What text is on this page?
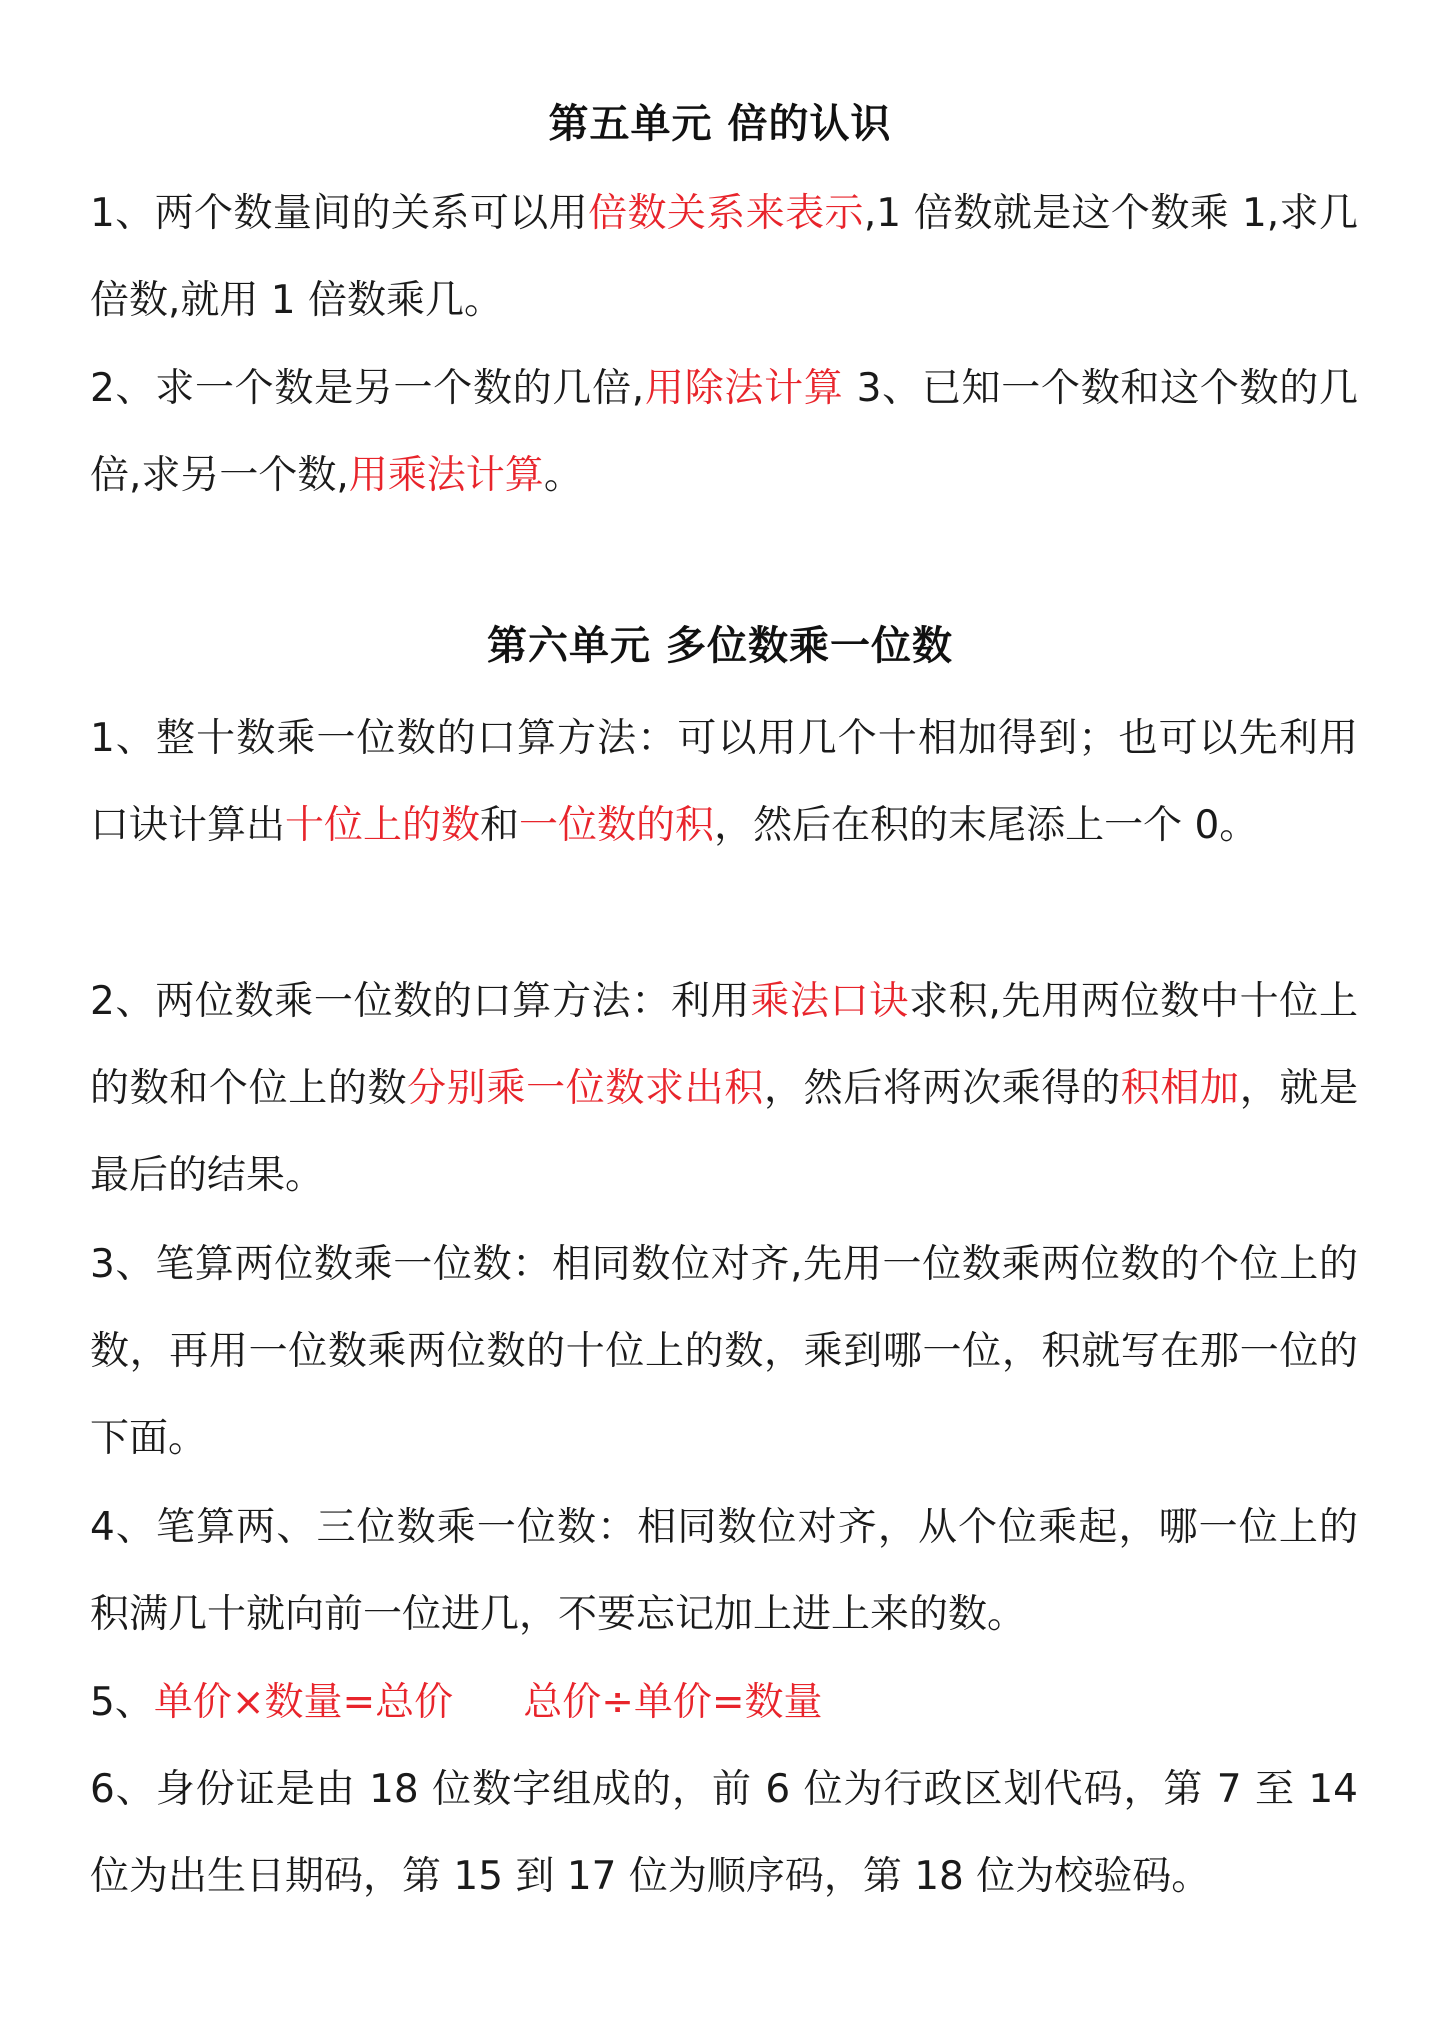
第五单元 倍的认识

1、两个数量间的关系可以用倍数关系来表示,1 倍数就是这个数乘 1,求几倍数,就用 1 倍数乘几。

2、求一个数是另一个数的几倍,用除法计算 3、已知一个数和这个数的几倍,求另一个数,用乘法计算。

第六单元 多位数乘一位数

1、整十数乘一位数的口算方法：可以用几个十相加得到；也可以先利用口诀计算出十位上的数和一位数的积，然后在积的末尾添上一个 0。

2、两位数乘一位数的口算方法：利用乘法口诀求积,先用两位数中十位上的数和个位上的数分别乘一位数求出积，然后将两次乘得的积相加，就是最后的结果。

3、笔算两位数乘一位数：相同数位对齐,先用一位数乘两位数的个位上的数，再用一位数乘两位数的十位上的数，乘到哪一位，积就写在那一位的下面。

4、笔算两、三位数乘一位数：相同数位对齐，从个位乘起，哪一位上的积满几十就向前一位进几，不要忘记加上进上来的数。

5、单价×数量=总价 总价÷单价=数量

6、身份证是由 18 位数字组成的，前 6 位为行政区划代码，第 7 至 14 位为出生日期码，第 15 到 17 位为顺序码，第 18 位为校验码。
